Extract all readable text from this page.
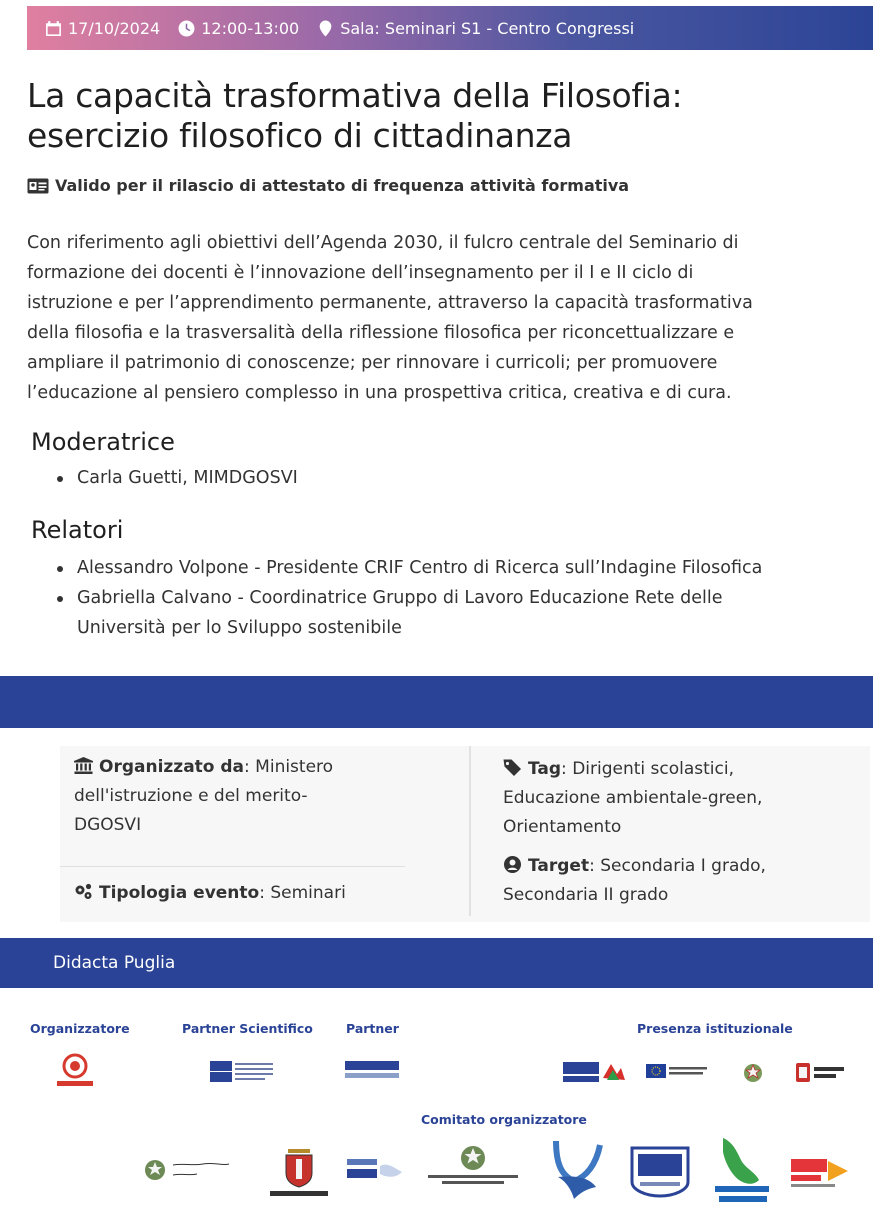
17/10/2024	12:00-13:00	Sala: Seminari S1 - Centro Congressi
La capacità trasformativa della Filosofia:
esercizio filosofico di cittadinanza
Valido per il rilascio di attestato di frequenza attività formativa
Con riferimento agli obiettivi dell’Agenda 2030, il fulcro centrale del Seminario di
formazione dei docenti è l’innovazione dell’insegnamento per il I e II ciclo di
istruzione e per l’apprendimento permanente, attraverso la capacità trasformativa
della filosofia e la trasversalità della riflessione filosofica per riconcettualizzare e
ampliare il patrimonio di conoscenze; per rinnovare i curricoli; per promuovere
l’educazione al pensiero complesso in una prospettiva critica, creativa e di cura.
Moderatrice
Carla Guetti, MIMDGOSVI
Relatori
Alessandro Volpone - Presidente CRIF Centro di Ricerca sull’Indagine Filosofica
Gabriella Calvano - Coordinatrice Gruppo di Lavoro Educazione Rete delle
Università per lo Sviluppo sostenibile
Organizzato da: Ministero
dell'istruzione e del merito-
DGOSVI
Tipologia evento: Seminari
Tag: Dirigenti scolastici,
Educazione ambientale-green,
Orientamento
Target: Secondaria I grado,
Secondaria II grado
Didacta Puglia
Organizzatore	Partner Scientifico	Partner	Presenza istituzionale
Comitato organizzatore
